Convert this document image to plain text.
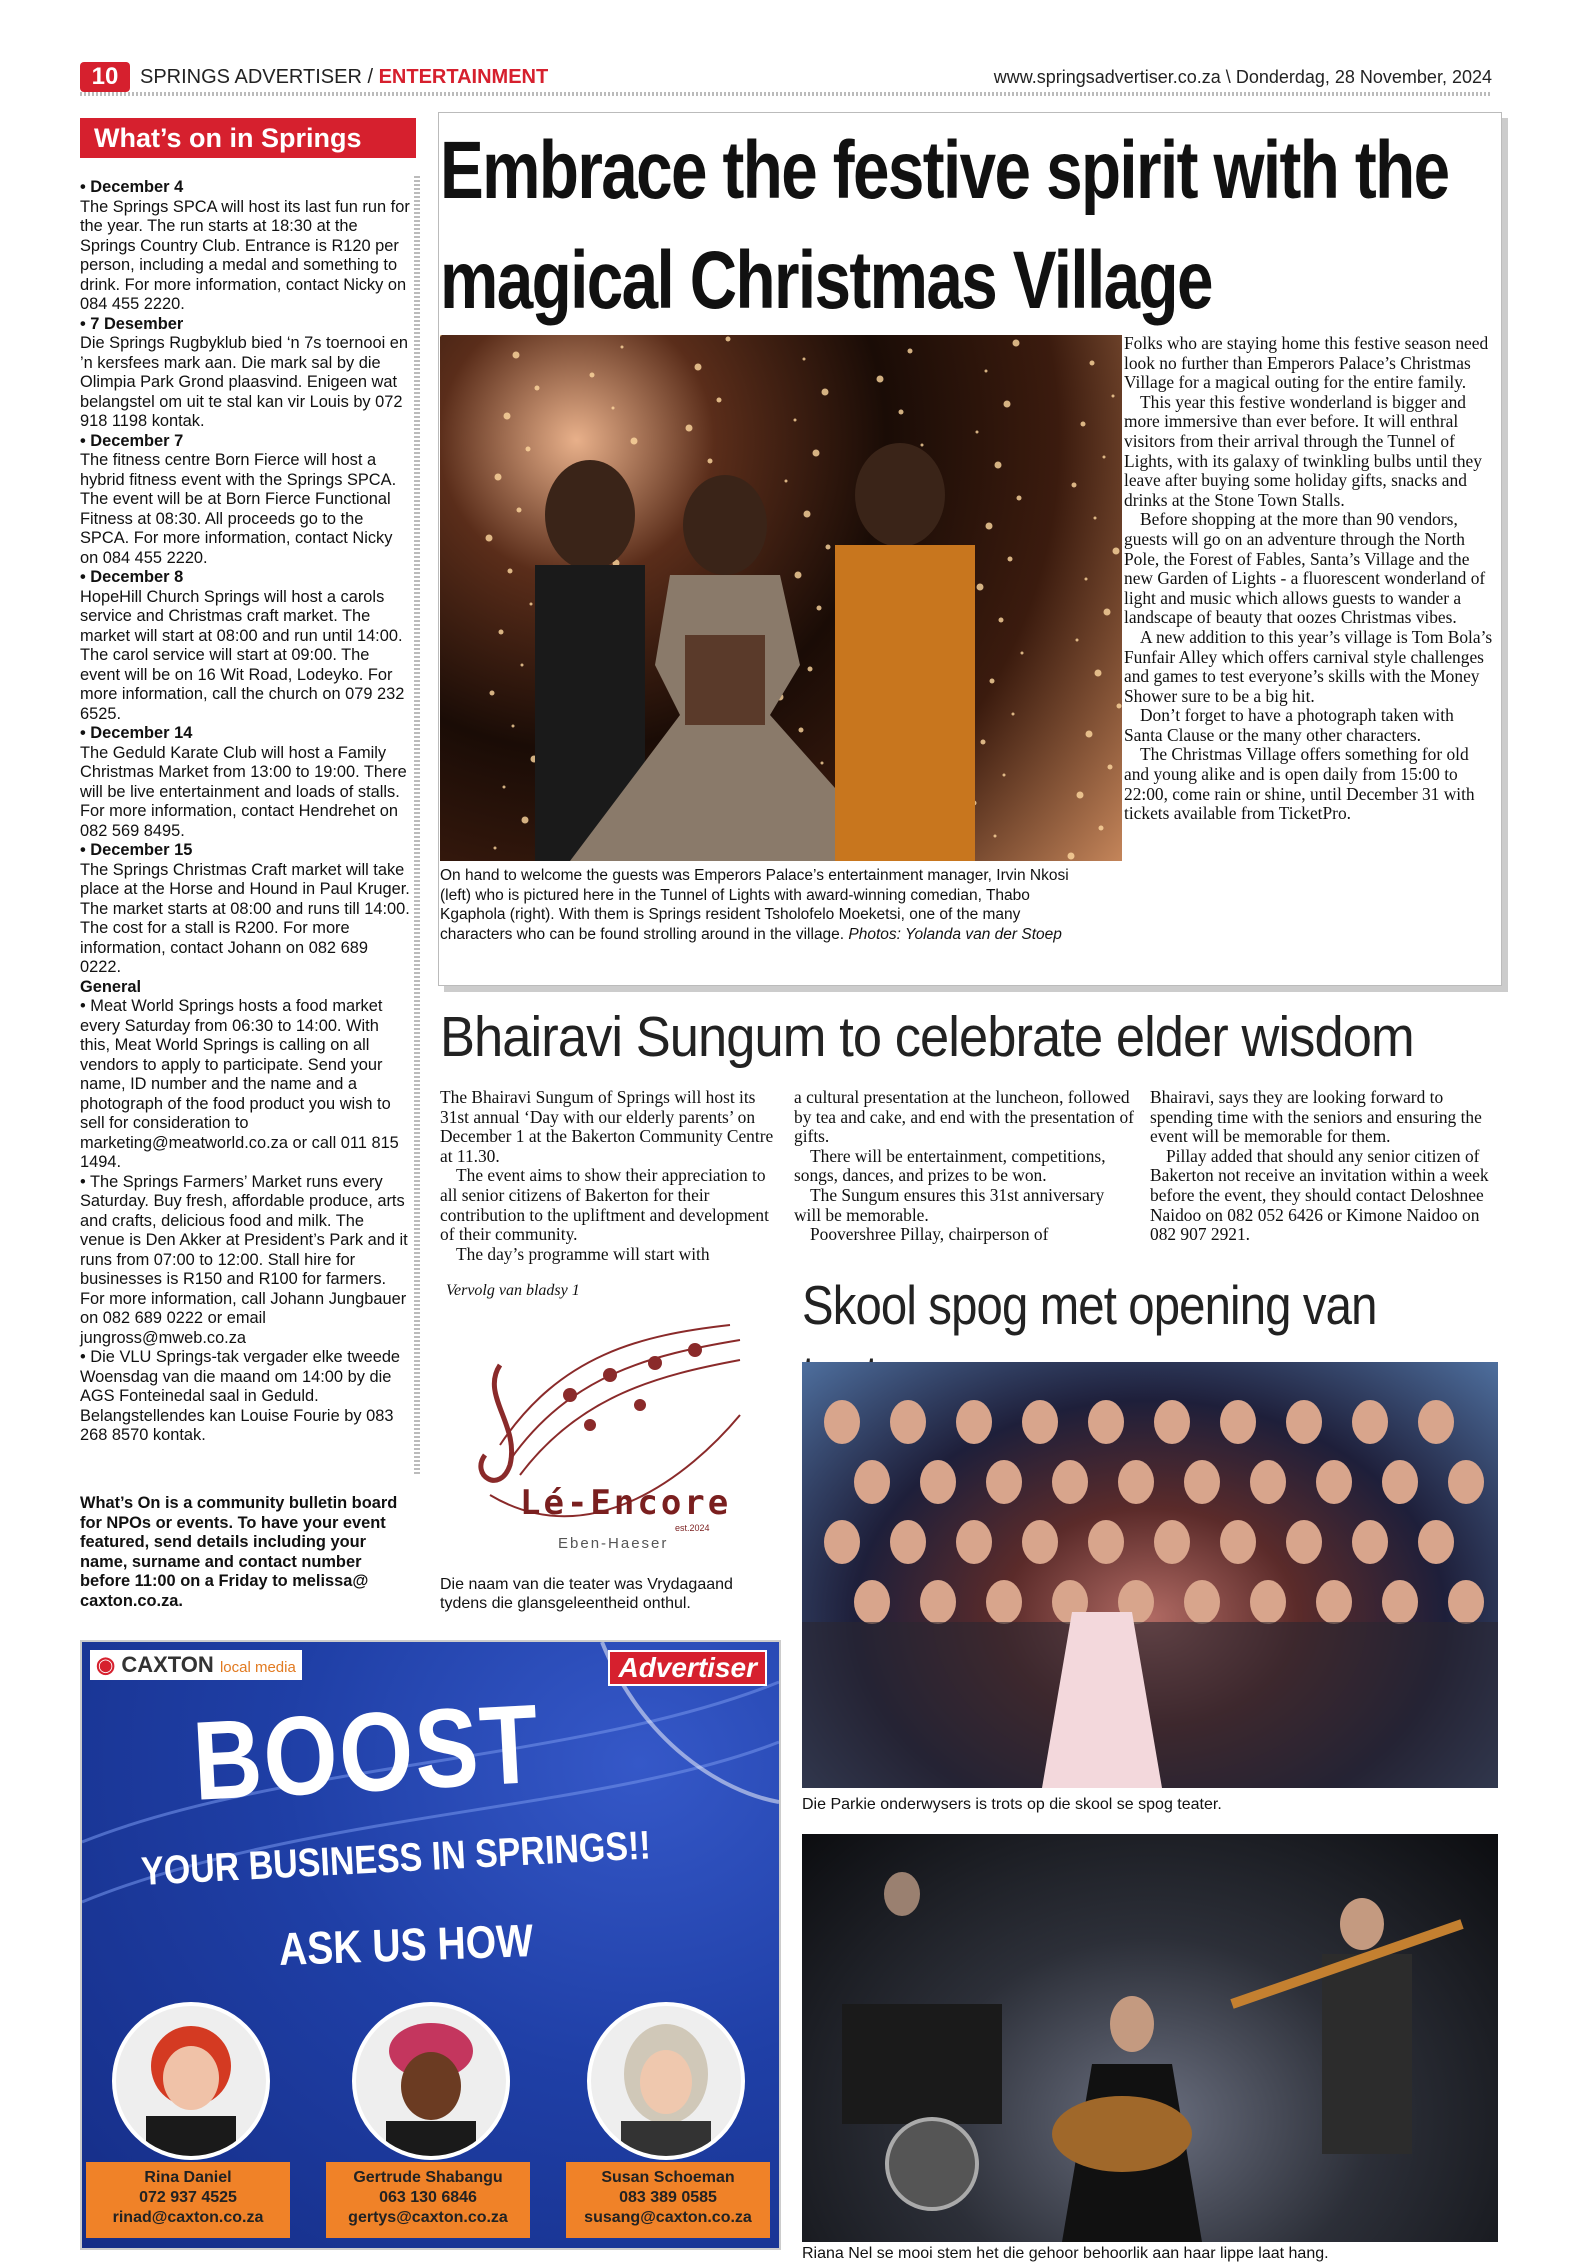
10	SPRINGS ADVERTISER / ENTERTAINMENT	www.springsadvertiser.co.za \ Donderdag, 28 November, 2024
What’s on in Springs
• December 4
The Springs SPCA will host its last fun run for the year. The run starts at 18:30 at the Springs Country Club. Entrance is R120 per person, including a medal and something to drink. For more information, contact Nicky on 084 455 2220.
• 7 Desember
Die Springs Rugbyklub bied ‘n 7s toernooi en ’n kersfees mark aan. Die mark sal by die Olimpia Park Grond plaasvind. Enigeen wat belangstel om uit te stal kan vir Louis by 072 918 1198 kontak.
• December 7
The fitness centre Born Fierce will host a hybrid fitness event with the Springs SPCA. The event will be at Born Fierce Functional Fitness at 08:30. All proceeds go to the SPCA. For more information, contact Nicky on 084 455 2220.
• December 8
HopeHill Church Springs will host a carols service and Christmas craft market. The market will start at 08:00 and run until 14:00. The carol service will start at 09:00. The event will be on 16 Wit Road, Lodeyko. For more information, call the church on 079 232 6525.
• December 14
The Geduld Karate Club will host a Family Christmas Market from 13:00 to 19:00. There will be live entertainment and loads of stalls. For more information, contact Hendrehet on 082 569 8495.
• December 15
The Springs Christmas Craft market will take place at the Horse and Hound in Paul Kruger. The market starts at 08:00 and runs till 14:00. The cost for a stall is R200. For more information, contact Johann on 082 689 0222.
General
• Meat World Springs hosts a food market every Saturday from 06:30 to 14:00. With this, Meat World Springs is calling on all vendors to apply to participate. Send your name, ID number and the name and a photograph of the food product you wish to sell for consideration to marketing@meatworld.co.za or call 011 815 1494.
• The Springs Farmers’ Market runs every Saturday. Buy fresh, affordable produce, arts and crafts, delicious food and milk. The venue is Den Akker at President’s Park and it runs from 07:00 to 12:00. Stall hire for businesses is R150 and R100 for farmers. For more information, call Johann Jungbauer on 082 689 0222 or email jungross@mweb.co.za
• Die VLU Springs-tak vergader elke tweede Woensdag van die maand om 14:00 by die AGS Fonteinedal saal in Geduld. Belangstellendes kan Louise Fourie by 083 268 8570 kontak.
What’s On is a community bulletin board for NPOs or events. To have your event featured, send details including your name, surname and contact number before 11:00 on a Friday to melissa@ caxton.co.za.
Embrace the festive spirit with the magical Christmas Village
On hand to welcome the guests was Emperors Palace’s entertainment manager, Irvin Nkosi (left) who is pictured here in the Tunnel of Lights with award-winning comedian, Thabo Kgaphola (right). With them is Springs resident Tsholofelo Moeketsi, one of the many characters who can be found strolling around in the village. Photos: Yolanda van der Stoep

Folks who are staying home this festive season need look no further than Emperors Palace’s Christmas Village for a magical outing for the entire family.

This year this festive wonderland is bigger and more immersive than ever before. It will enthral visitors from their arrival through the Tunnel of Lights, with its galaxy of twinkling bulbs until they leave after buying some holiday gifts, snacks and drinks at the Stone Town Stalls.

Before shopping at the more than 90 vendors, guests will go on an adventure through the North Pole, the Forest of Fables, Santa’s Village and the new Garden of Lights - a fluorescent wonderland of light and music which allows guests to wander a landscape of beauty that oozes Christmas vibes.

A new addition to this year’s village is Tom Bola’s Funfair Alley which offers carnival style challenges and games to test everyone’s skills with the Money Shower sure to be a big hit.

Don’t forget to have a photograph taken with Santa Clause or the many other characters.

The Christmas Village offers something for old and young alike and is open daily from 15:00 to 22:00, come rain or shine, until December 31 with tickets available from TicketPro.

Bhairavi Sungum to celebrate elder wisdom

The Bhairavi Sungum of Springs will host its 31st annual ‘Day with our elderly parents’ on December 1 at the Bakerton Community Centre at 11.30.

The event aims to show their appreciation to all senior citizens of Bakerton for their contribution to the upliftment and development of their community.

The day’s programme will start with

a cultural presentation at the luncheon, followed by tea and cake, and end with the presentation of gifts.

There will be entertainment, competitions, songs, dances, and prizes to be won.

The Sungum ensures this 31st anniversary will be memorable.

Poovershree Pillay, chairperson of

Bhairavi, says they are looking forward to spending time with the seniors and ensuring the event will be memorable for them.

Pillay added that should any senior citizen of Bakerton not receive an invitation within a week before the event, they should contact Deloshnee Naidoo on 082 052 6426 or Kimone Naidoo on 082 907 2921.

Vervolg van bladsy 1
Lé-Encore
est.2024
Eben-Haeser
Die naam van die teater was Vrydagaand tydens die glansgeleentheid onthul.
Skool spog met opening van
Die Parkie onderwysers is trots op die skool se spog teater.
Riana Nel se mooi stem het die gehoor behoorlik aan haar lippe laat hang.
◉ CAXTON local media	Advertiser
BOOST
YOUR BUSINESS IN SPRINGS!!
ASK US HOW
Rina Daniel
072 937 4525
rinad@caxton.co.za
Gertrude Shabangu
063 130 6846
gertys@caxton.co.za
Susan Schoeman
083 389 0585
susang@caxton.co.za
